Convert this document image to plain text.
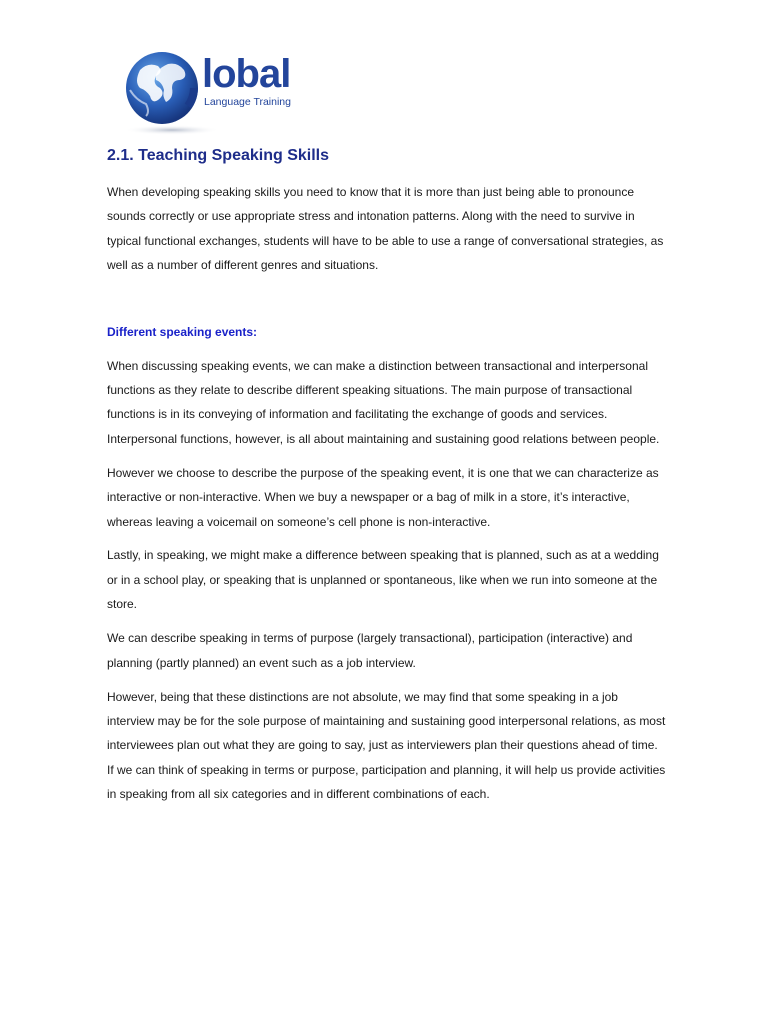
lobal
Language Training
2.1. Teaching Speaking Skills

When developing speaking skills you need to know that it is more than just being able to pronounce sounds correctly or use appropriate stress and intonation patterns. Along with the need to survive in typical functional exchanges, students will have to be able to use a range of conversational strategies, as well as a number of different genres and situations.

Different speaking events:

When discussing speaking events, we can make a distinction between transactional and interpersonal functions as they relate to describe different speaking situations. The main purpose of transactional functions is in its conveying of information and facilitating the exchange of goods and services. Interpersonal functions, however, is all about maintaining and sustaining good relations between people.

However we choose to describe the purpose of the speaking event, it is one that we can characterize as interactive or non-interactive. When we buy a newspaper or a bag of milk in a store, it’s interactive, whereas leaving a voicemail on someone’s cell phone is non-interactive.

Lastly, in speaking, we might make a difference between speaking that is planned, such as at a wedding or in a school play, or speaking that is unplanned or spontaneous, like when we run into someone at the store.

We can describe speaking in terms of purpose (largely transactional), participation (interactive) and planning (partly planned) an event such as a job interview.

However, being that these distinctions are not absolute, we may find that some speaking in a job interview may be for the sole purpose of maintaining and sustaining good interpersonal relations, as most interviewees plan out what they are going to say, just as interviewers plan their questions ahead of time. If we can think of speaking in terms or purpose, participation and planning, it will help us provide activities in speaking from all six categories and in different combinations of each.
